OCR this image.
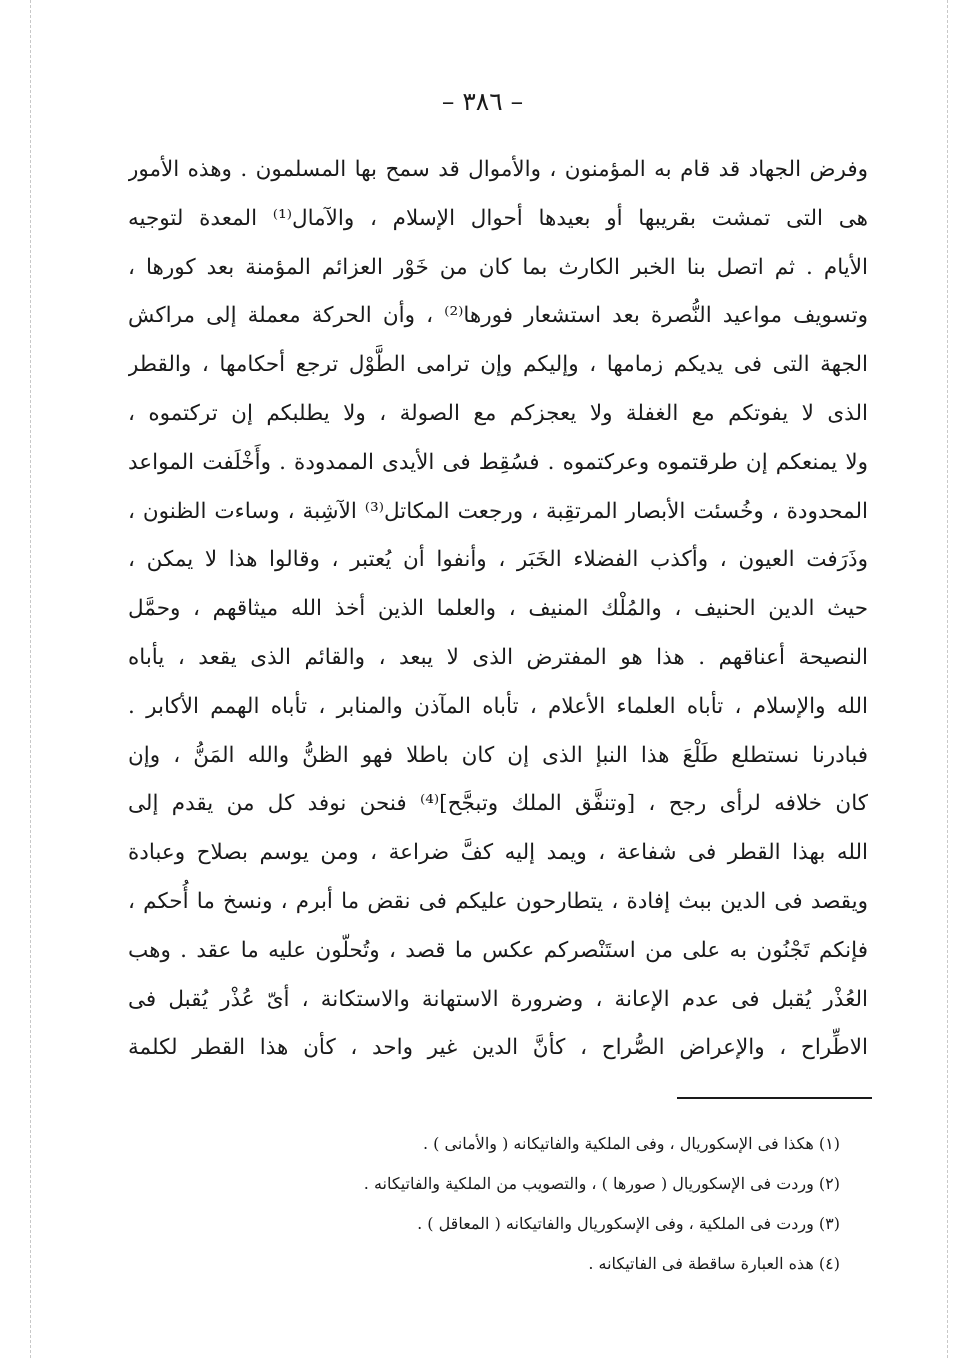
– ٣٨٦ –
وفرض الجهاد قد قام به المؤمنون ، والأموال قد سمح بها المسلمون . وهذه الأمور
هى التى تمشت بقريبها أو بعيدها أحوال الإسلام ، والآمال⁽¹⁾ المعدة لتوجيه
الأيام . ثم اتصل بنا الخبر الكارث بما كان من خَوْر العزائم المؤمنة بعد كورها ،
وتسويف مواعيد النُّصرة بعد استشعار فورها⁽²⁾ ، وأن الحركة معملة إلى مراكش
الجهة التى فى يديكم زمامها ، وإليكم وإن ترامى الطَّوْل ترجع أحكامها ، والقطر
الذى لا يفوتكم مع الغفلة ولا يعجزكم مع الصولة ، ولا يطلبكم إن تركتموه ،
ولا يمنعكم إن طرقتموه وعركتموه . فسُقِط فى الأيدى الممدودة . وأَخْلَفت المواعد
المحدودة ، وخُسئت الأبصار المرتقِبة ، ورجعت المكاتل⁽³⁾ الآشِبة ، وساءت الظنون ،
وذَرَفت العيون ، وأكذب الفضلاء الخَبَر ، وأنفوا أن يُعتبر ، وقالوا هذا لا يمكن ،
حيث الدين الحنيف ، والمُلْك المنيف ، والعلما الذين أخذ الله ميثاقهم ، وحمَّل
النصيحة أعناقهم . هذا هو المفترض الذى لا يبعد ، والقائم الذى يقعد ، يأباه
الله والإسلام ، تأباه العلماء الأعلام ، تأباه المآذن والمنابر ، تأباه الهمم الأكابر .
فبادرنا نستطلع طَلْعَ هذا النبإ الذى إن كان باطلا فهو الظنُّ والله المَنُّ ، وإن
كان خلافه لرأى رجح ، [وتنفَّق الملك وتبجَّح]⁽⁴⁾ فنحن نوفد كل من يقدم إلى
الله بهذا القطر فى شفاعة ، ويمد إليه كفَّ ضراعة ، ومن يوسم بصلاح وعبادة
ويقصد فى الدين ببث إفادة ، يتطارحون عليكم فى نقض ما أبرم ، ونسخ ما أُحكم ،
فإنكم تَجْنُون به على من استَنْصركم عكس ما قصد ، وتُحلّون عليه ما عقد . وهب
العُذْر يُقبل فى عدم الإعانة ، وضرورة الاستهانة والاستكانة ، أىّ عُذْر يُقبل فى
الاطِّراح ، والإعراض الصُّراح ، كأنَّ الدين غير واحد ، كأن هذا القطر لكلمة
(١) هكذا فى الإسكوريال ، وفى الملكية والفاتيكانه ( والأمانى ) .
(٢) وردت فى الإسكوريال ( صورها ) ، والتصويب من الملكية والفاتيكانه .
(٣) وردت فى الملكية ، وفى الإسكوريال والفاتيكانه ( المعاقل ) .
(٤) هذه العبارة ساقطة فى الفاتيكانه .
